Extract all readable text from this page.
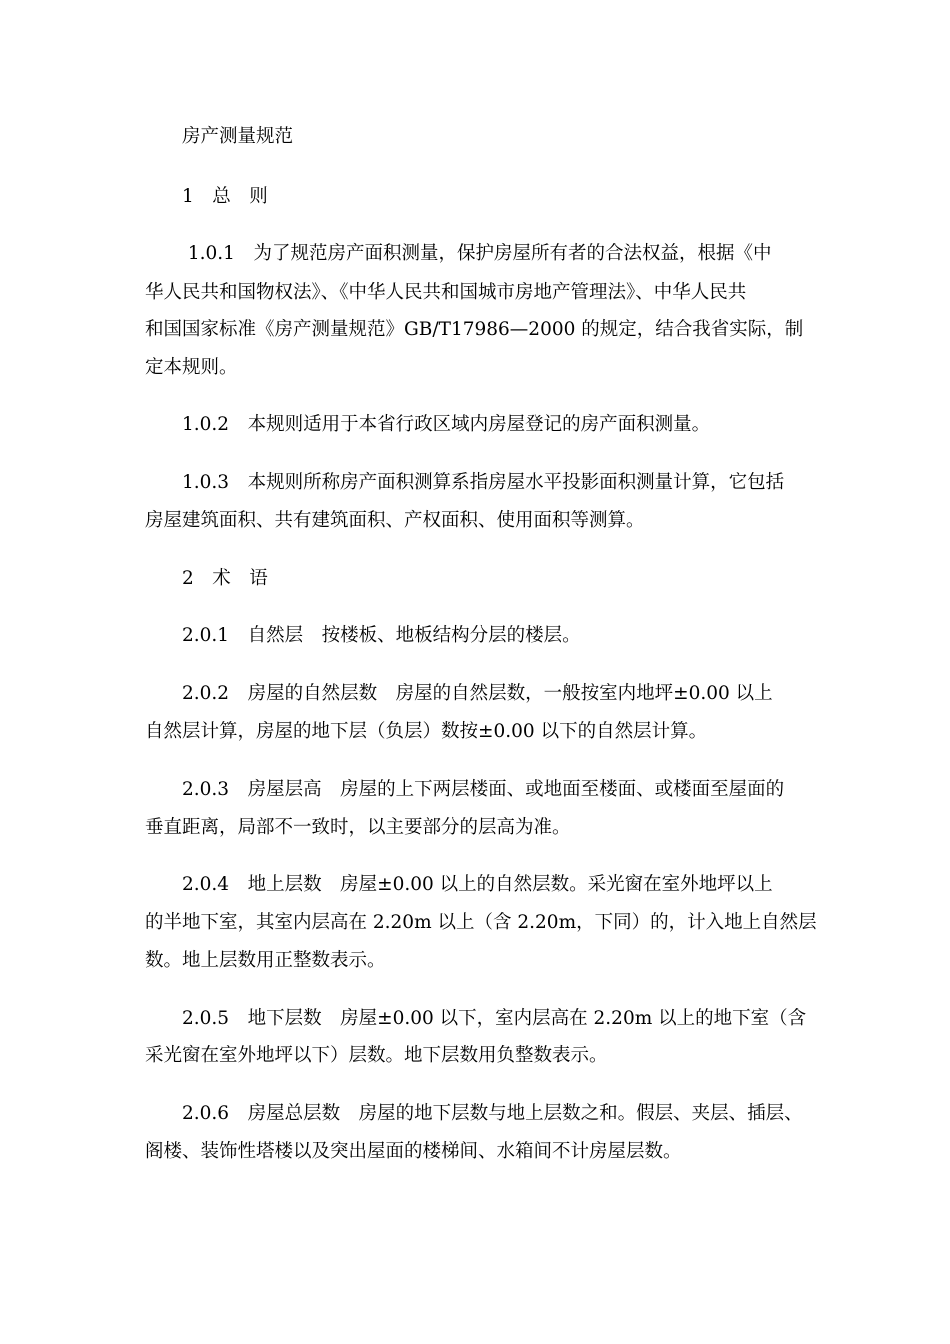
房产测量规范
1　总　则
1.0.1　为了规范房产面积测量，保护房屋所有者的合法权益，根据《中
华人民共和国物权法》、《中华人民共和国城市房地产管理法》、中华人民共
和国国家标准《房产测量规范》GB/T17986—2000 的规定，结合我省实际，制
定本规则。
1.0.2　本规则适用于本省行政区域内房屋登记的房产面积测量。
1.0.3　本规则所称房产面积测算系指房屋水平投影面积测量计算，它包括
房屋建筑面积、共有建筑面积、产权面积、使用面积等测算。
2　术　语
2.0.1　自然层　按楼板、地板结构分层的楼层。
2.0.2　房屋的自然层数　房屋的自然层数，一般按室内地坪±0.00 以上
自然层计算，房屋的地下层（负层）数按±0.00 以下的自然层计算。
2.0.3　房屋层高　房屋的上下两层楼面、或地面至楼面、或楼面至屋面的
垂直距离，局部不一致时，以主要部分的层高为准。
2.0.4　地上层数　房屋±0.00 以上的自然层数。采光窗在室外地坪以上
的半地下室，其室内层高在 2.20m 以上（含 2.20m，下同）的，计入地上自然层
数。地上层数用正整数表示。
2.0.5　地下层数　房屋±0.00 以下，室内层高在 2.20m 以上的地下室（含
采光窗在室外地坪以下）层数。地下层数用负整数表示。
2.0.6　房屋总层数　房屋的地下层数与地上层数之和。假层、夹层、插层、
阁楼、装饰性塔楼以及突出屋面的楼梯间、水箱间不计房屋层数。
